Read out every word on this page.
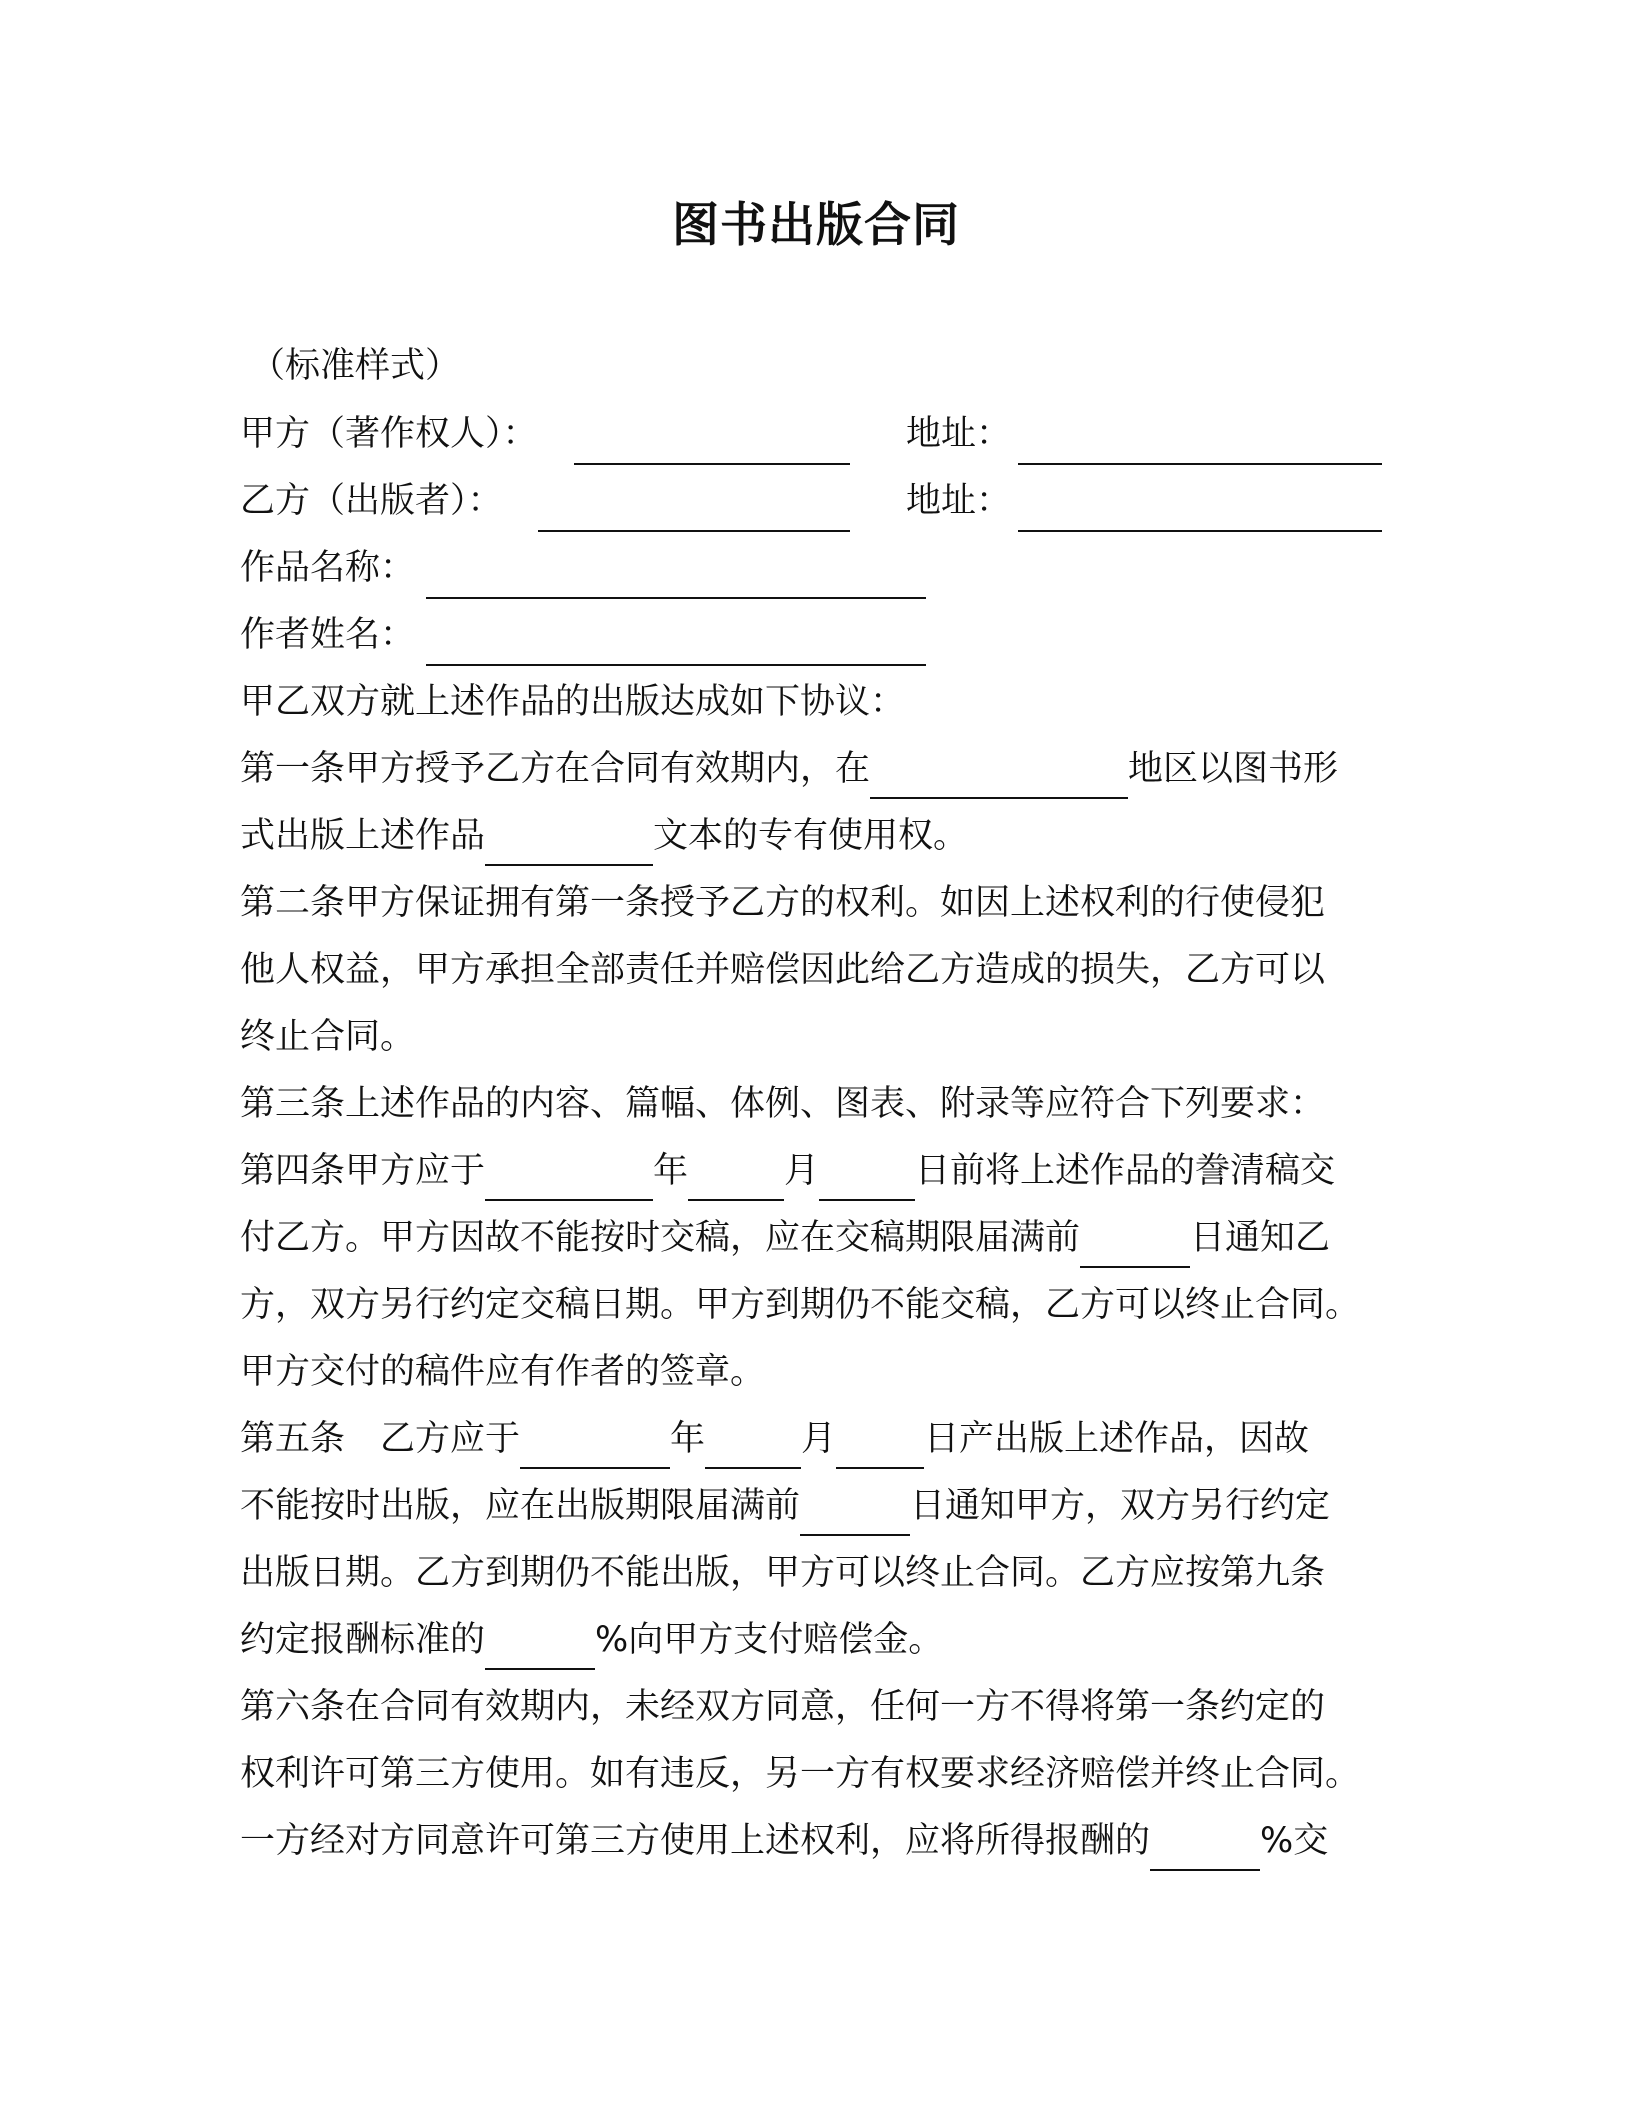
图书出版合同
（标准样式）
甲方（著作权人）：	地址：
乙方（出版者）：	地址：
作品名称：
作者姓名：
甲乙双方就上述作品的出版达成如下协议：
第一条甲方授予乙方在合同有效期内，在	地区以图书形
式出版上述作品	文本的专有使用权。
第二条甲方保证拥有第一条授予乙方的权利。如因上述权利的行使侵犯
他人权益，甲方承担全部责任并赔偿因此给乙方造成的损失，乙方可以
终止合同。
第三条上述作品的内容、篇幅、体例、图表、附录等应符合下列要求：
第四条甲方应于	年	月	日前将上述作品的誊清稿交
付乙方。甲方因故不能按时交稿，应在交稿期限届满前	日通知乙
方，双方另行约定交稿日期。甲方到期仍不能交稿，乙方可以终止合同。
甲方交付的稿件应有作者的签章。
第五条　乙方应于	年	月	日产出版上述作品，因故
不能按时出版，应在出版期限届满前	日通知甲方，双方另行约定
出版日期。乙方到期仍不能出版，甲方可以终止合同。乙方应按第九条
约定报酬标准的	%向甲方支付赔偿金。
第六条在合同有效期内，未经双方同意，任何一方不得将第一条约定的
权利许可第三方使用。如有违反，另一方有权要求经济赔偿并终止合同。
一方经对方同意许可第三方使用上述权利，应将所得报酬的	%交
